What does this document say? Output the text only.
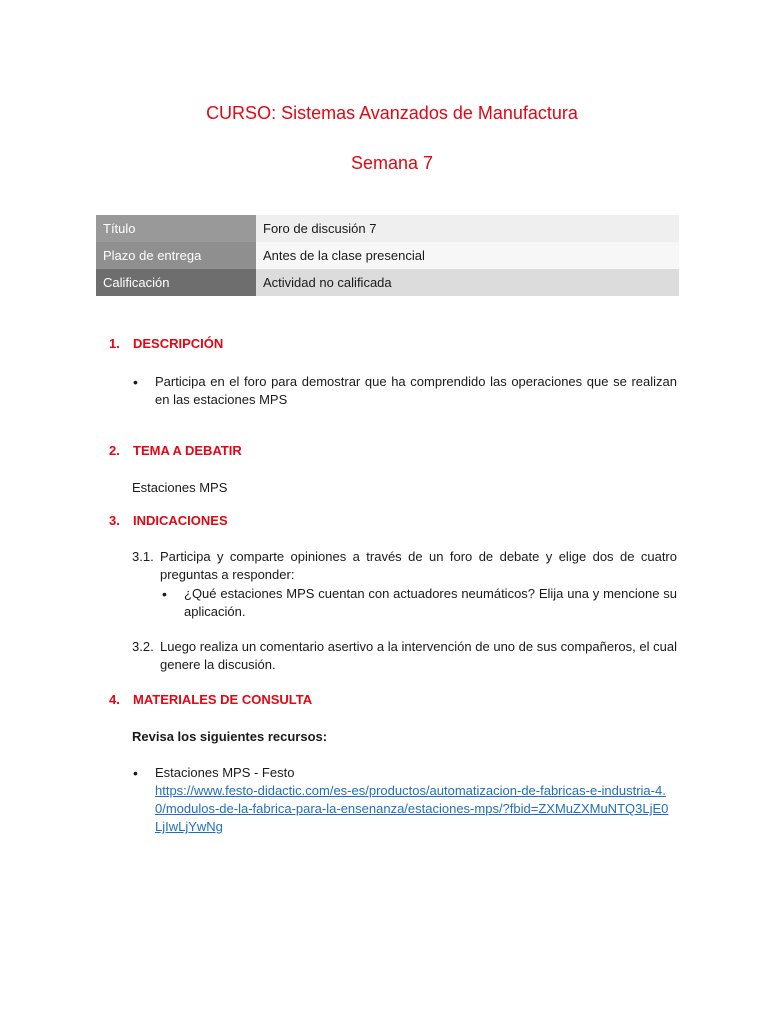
CURSO: Sistemas Avanzados de Manufactura
Semana 7
Título	Foro de discusión 7
Plazo de entrega	Antes de la clase presencial
Calificación	Actividad no calificada
1. DESCRIPCIÓN
• Participa en el foro para demostrar que ha comprendido las operaciones que se realizan en las estaciones MPS
2. TEMA A DEBATIR
Estaciones MPS
3. INDICACIONES
3.1. Participa y comparte opiniones a través de un foro de debate y elige dos de cuatro preguntas a responder:
• ¿Qué estaciones MPS cuentan con actuadores neumáticos? Elija una y mencione su aplicación.
3.2. Luego realiza un comentario asertivo a la intervención de uno de sus compañeros, el cual genere la discusión.
4. MATERIALES DE CONSULTA
Revisa los siguientes recursos:
• Estaciones MPS - Festo
https://www.festo-didactic.com/es-es/productos/automatizacion-de-fabricas-e-industria-4.0/modulos-de-la-fabrica-para-la-ensenanza/estaciones-mps/?fbid=ZXMuZXMuNTQ3LjE0LjIwLjYwNg
